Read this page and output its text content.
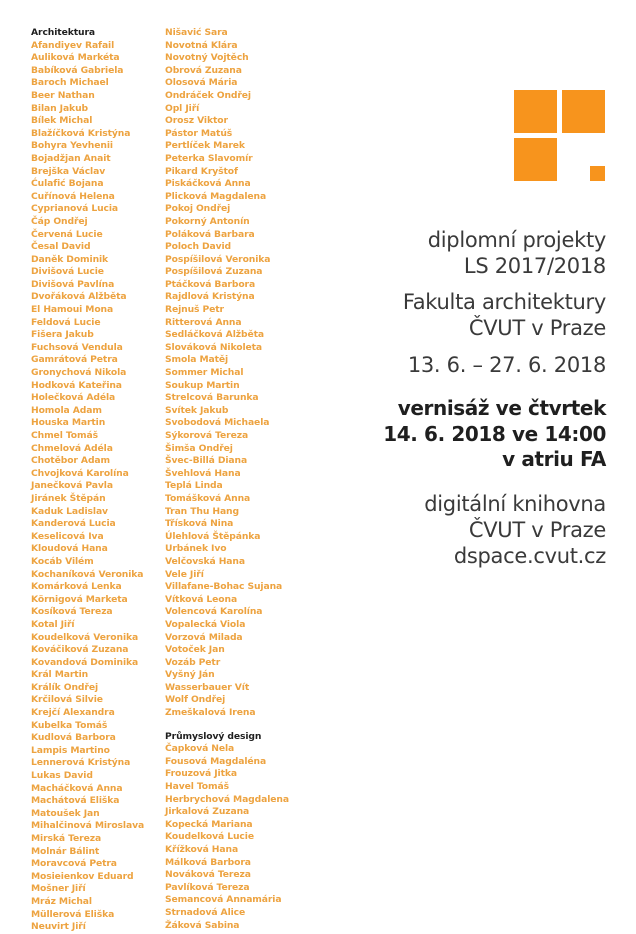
Architektura
Afandiyev Rafail
Auliková Markéta
Babíková Gabriela
Baroch Michael
Beer Nathan
Bilan Jakub
Bílek Michal
Blažíčková Kristýna
Bohyra Yevhenii
Bojadžjan Anait
Brejška Václav
Ćulafić Bojana
Cuřínová Helena
Cyprianová Lucia
Čáp Ondřej
Červená Lucie
Česal David
Daněk Dominik
Divišová Lucie
Divišová Pavlína
Dvořáková Alžběta
El Hamoui Mona
Feldová Lucie
Fišera Jakub
Fuchsová Vendula
Gamrátová Petra
Gronychová Nikola
Hodková Kateřina
Holečková Adéla
Homola Adam
Houska Martin
Chmel Tomáš
Chmelová Adéla
Chotěbor Adam
Chvojková Karolína
Janečková Pavla
Jiránek Štěpán
Kaduk Ladislav
Kanderová Lucia
Keselicová Iva
Kloudová Hana
Kocáb Vilém
Kochaníková Veronika
Komárková Lenka
Körnigová Marketa
Kosíková Tereza
Kotal Jiří
Koudelková Veronika
Kováčiková Zuzana
Kovandová Dominika
Král Martin
Králík Ondřej
Krčilová Silvie
Krejčí Alexandra
Kubelka Tomáš
Kudlová Barbora
Lampis Martino
Lennerová Kristýna
Lukas David
Macháčková Anna
Machátová Eliška
Matoušek Jan
Mihalčinová Miroslava
Mirská Tereza
Molnár Bálint
Moravcová Petra
Mosieienkov Eduard
Mošner Jiří
Mráz Michal
Müllerová Eliška
Neuvirt Jiří
Nišavić Sara
Novotná Klára
Novotný Vojtěch
Obrová Zuzana
Olosová Mária
Ondráček Ondřej
Opl Jiří
Orosz Viktor
Pástor Matúš
Pertlíček Marek
Peterka Slavomír
Pikard Kryštof
Piskáčková Anna
Plicková Magdalena
Pokoj Ondřej
Pokorný Antonín
Poláková Barbara
Poloch David
Pospíšilová Veronika
Pospíšilová Zuzana
Ptáčková Barbora
Rajdlová Kristýna
Rejnuš Petr
Ritterová Anna
Sedláčková Alžběta
Slováková Nikoleta
Smola Matěj
Sommer Michal
Soukup Martin
Strelcová Barunka
Svítek Jakub
Svobodová Michaela
Sýkorová Tereza
Šimša Ondřej
Švec-Billá Diana
Švehlová Hana
Teplá Linda
Tomášková Anna
Tran Thu Hang
Třísková Nina
Úlehlová Štěpánka
Urbánek Ivo
Velčovská Hana
Vele Jiří
Villafane-Bohac Sujana
Vítková Leona
Volencová Karolína
Vopalecká Viola
Vorzová Milada
Votoček Jan
Vozáb Petr
Vyšný Ján
Wasserbauer Vít
Wolf Ondřej
Zmeškalová Irena
Průmyslový design
Čapková Nela
Fousová Magdaléna
Frouzová Jitka
Havel Tomáš
Herbrychová Magdalena
Jirkalová Zuzana
Kopecká Mariana
Koudelková Lucie
Křížková Hana
Málková Barbora
Nováková Tereza
Pavlíková Tereza
Semancová Annamária
Strnadová Alice
Žáková Sabina
diplomní projekty
LS 2017/2018
Fakulta architektury
ČVUT v Praze
13. 6. – 27. 6. 2018
vernisáž ve čtvrtek
14. 6. 2018 ve 14:00
v atriu FA
digitální knihovna
ČVUT v Praze
dspace.cvut.cz
